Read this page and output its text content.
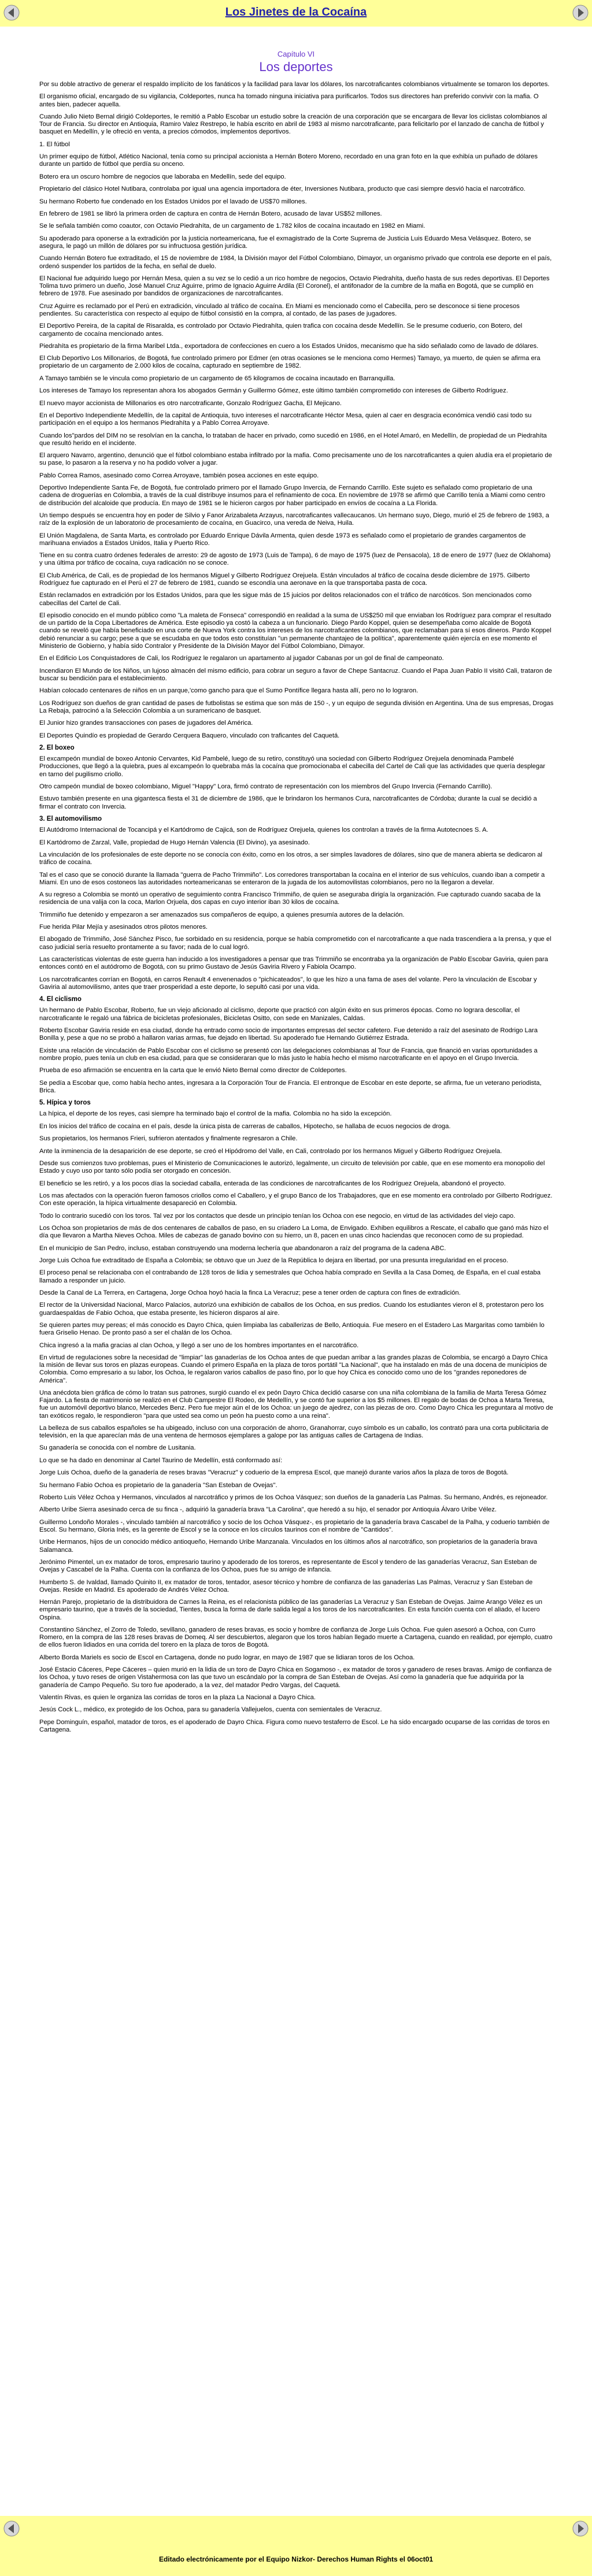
Los Jinetes de la Cocaína
Capítulo VI
Los deportes

Por su doble atractivo de generar el respaldo implícito de los fanáticos y la facilidad para lavar los dólares, los narcotraficantes colombianos virtualmente se tomaron los deportes.

El organismo oficial, encargado de su vigilancia, Coldeportes, nunca ha tomado ninguna iniciativa para purificarlos. Todos sus directores han preferido convivir con la mafia. O antes bien, padecer aquella.

Cuando Julio Nieto Bernal dirigió Coldeportes, le remitió a Pablo Escobar un estudio sobre la creación de una corporación que se encargara de llevar los ciclistas colombianos al Tour de Francia. Su director en Antioquia, Ramiro Valez Restrepo, le había escrito en abril de 1983 al mismo narcotraficante, para felicitarlo por el lanzado de cancha de fútbol y basquet en Medellín, y le ofreció en venta, a precios cómodos, implementos deportivos.

1. El fútbol

Un primer equipo de fútbol, Atlético Nacional, tenía como su principal accionista a Hernán Botero Moreno, recordado en una gran foto en la que exhibía un puñado de dólares durante un partido de fútbol que perdía su onceno.

Botero era un oscuro hombre de negocios que laboraba en Medellín, sede del equipo.

Propietario del clásico Hotel Nutibara, controlaba por igual una agencia importadora de éter, Inversiones Nutibara, producto que casi siempre desvió hacia el narcotráfico.

Su hermano Roberto fue condenado en los Estados Unidos por el lavado de US$70 millones.

En febrero de 1981 se libró la primera orden de captura en contra de Hernán Botero, acusado de lavar US$52 millones.

Se le señala también como coautor, con Octavio Piedrahíta, de un cargamento de 1.782 kilos de cocaína incautado en 1982 en Miami.

Su apoderado para oponerse a la extradición por la justicia norteamericana, fue el exmagistrado de la Corte Suprema de Justicia Luis Eduardo Mesa Velásquez. Botero, se asegura, le pagó un millón de dólares por su infructuosa gestión jurídica.

Cuando Hernán Botero fue extraditado, el 15 de noviembre de 1984, la División mayor del Fútbol Colombiano, Dimayor, un organismo privado que controla ese deporte en el país, ordenó suspender los partidos de la fecha, en señal de duelo.

El Nacional fue adquirido luego por Hernán Mesa, quien a su vez se lo cedió a un rico hombre de negocios, Octavio Piedrahíta, dueño hasta de sus redes deportivas. El Deportes Tolima tuvo primero un dueño, José Manuel Cruz Aguirre, primo de Ignacio Aguirre Ardila (El Coronel), el antifonador de la cumbre de la mafia en Bogotá, que se cumplió en febrero de 1978. Fue asesinado por bandidos de organizaciones de narcotraficantes.

Cruz Aguirre es reclamado por el Perú en extradición, vinculado al tráfico de cocaína. En Miami es mencionado como el Cabecilla, pero se desconoce si tiene procesos pendientes. Su característica con respecto al equipo de fútbol consistió en la compra, al contado, de las pases de jugadores.

El Deportivo Pereira, de la capital de Risaralda, es controlado por Octavio Piedrahíta, quien trafica con cocaína desde Medellín. Se le presume coduerio, con Botero, del cargamento de cocaína mencionado antes.

Piedrahíta es propietario de la firma Maribel Ltda., exportadora de confecciones en cuero a los Estados Unidos, mecanismo que ha sido señalado como de lavado de dólares.

El Club Deportivo Los Millonarios, de Bogotá, fue controlado primero por Edmer (en otras ocasiones se le menciona como Hermes) Tamayo, ya muerto, de quien se afirma era propietario de un cargamento de 2.000 kilos de cocaína, capturado en septiembre de 1982.

A Tamayo también se le vincula como propietario de un cargamento de 65 kilogramos de cocaína incautado en Barranquilla.

Los intereses de Tamayo los representan ahora los abogados Germán y Guillermo Gómez, este último también comprometido con intereses de Gilberto Rodríguez.

El nuevo mayor accionista de Millonarios es otro narcotraficante, Gonzalo Rodríguez Gacha, El Mejicano.

En el Deportivo Independiente Medellín, de la capital de Antioquia, tuvo intereses el narcotraficante Héctor Mesa, quien al caer en desgracia económica vendió casi todo su participación en el equipo a los hermanos Piedrahíta y a Pablo Correa Arroyave.

Cuando los"pardos del DIM no se resolvían en la cancha, lo trataban de hacer en privado, como sucedió en 1986, en el Hotel Amaró, en Medellín, de propiedad de un Piedrahíta que resultó herido en el incidente.

El arquero Navarro, argentino, denunció que el fútbol colombiano estaba infiltrado por la mafia. Como precisamente uno de los narcotraficantes a quien aludía era el propietario de su pase, lo pasaron a la reserva y no ha podido volver a jugar.

Pablo Correa Ramos, asesinado como Correa Arroyave, también posea acciones en este equipo.

Deportivo Independiente Santa Fe, de Bogotá, fue controlado primero por el llamado Grupo Invercia, de Fernando Carrillo. Este sujeto es señalado como propietario de una cadena de droguerías en Colombia, a través de la cual distribuye insumos para el refinamiento de coca. En noviembre de 1978 se afirmó que Carrillo tenía a Miami como centro de distribución del alcaloide que producía. En mayo de 1981 se le hicieron cargos por haber participado en envíos de cocaína a La Florida.

Un tiempo después se encuentra hoy en poder de Silvio y Fanor Arizabaleta Arzayus, narcotraficantes vallecaucanos. Un hermano suyo, Diego, murió el 25 de febrero de 1983, a raíz de la explosión de un laboratorio de procesamiento de cocaína, en Guacirco, una vereda de Neiva, Huila.

El Unión Magdalena, de Santa Marta, es controlado por Eduardo Enrique Dávila Armenta, quien desde 1973 es señalado como el propietario de grandes cargamentos de marihuana enviados a Estados Unidos, Italia y Puerto Rico.

Tiene en su contra cuatro órdenes federales de arresto: 29 de agosto de 1973 (Luis de Tampa), 6 de mayo de 1975 (luez de Pensacola), 18 de enero de 1977 (luez de Oklahoma) y una última por tráfico de cocaína, cuya radicación no se conoce.

El Club América, de Cali, es de propiedad de los hermanos Miguel y Gilberto Rodríguez Orejuela. Están vinculados al tráfico de cocaína desde diciembre de 1975. Gilberto Rodríguez fue capturado en el Perú el 27 de febrero de 1981, cuando se escondía una aeronave en la que transportaba pasta de coca.

Están reclamados en extradición por los Estados Unidos, para que les sigue más de 15 juicios por delitos relacionados con el tráfico de narcóticos. Son mencionados como cabecillas del Cartel de Cali.

El episodio conocido en el mundo público como "La maleta de Fonseca" correspondió en realidad a la suma de US$250 mil que enviaban los Rodríguez para comprar el resultado de un partido de la Copa Libertadores de América. Este episodio ya costó la cabeza a un funcionario. Diego Pardo Koppel, quien se desempeñaba como alcalde de Bogotá cuando se reveló que había beneficiado en una corte de Nueva York contra los intereses de los narcotraficantes colombianos, que reclamaban para sí esos dineros. Pardo Koppel debió renunciar a su cargo; pese a que se escudaba en que todos esto constituían "un permanente chantajeo de la política", aparentemente quién ejercía en ese momento el Ministerio de Gobierno, y había sido Contralor y Presidente de la División Mayor del Fútbol Colombiano, Dimayor.

En el Edificio Los Conquistadores de Cali, los Rodríguez le regalaron un apartamento al jugador Cabanas por un gol de final de campeonato.

Incendiaron El Mundo de los Niños, un lujoso almacén del mismo edificio, para cobrar un seguro a favor de Chepe Santacruz. Cuando el Papa Juan Pablo II visitó Cali, trataron de buscar su bendición para el establecimiento.

Habían colocado centenares de niños en un parque,'como gancho para que el Sumo Pontífice llegara hasta allí, pero no lo lograron.

Los Rodríguez son dueños de gran cantidad de pases de futbolistas se estima que son más de 150 -, y un equipo de segunda división en Argentina. Una de sus empresas, Drogas La Rebaja, patrocinó a la Selección Colombia a un suramericano de basquet.

El Junior hizo grandes transacciones con pases de jugadores del América.

El Deportes Quindío es propiedad de Gerardo Cerquera Baquero, vinculado con traficantes del Caquetá.

2. El boxeo

El excampeón mundial de boxeo Antonio Cervantes, Kid Pambelé, luego de su retiro, constituyó una sociedad con Gilberto Rodríguez Orejuela denominada Pambelé Producciones, que llegó a la quiebra, pues al excampeón lo quebraba más la cocaína que promocionaba el cabecilla del Cartel de Cali que las actividades que quería desplegar en tarno del pugilismo criollo.

Otro campeón mundial de boxeo colombiano, Miguel "Happy" Lora, firmó contrato de representación con los miembros del Grupo Invercia (Fernando Carrillo).

Estuvo también presente en una gigantesca fiesta el 31 de diciembre de 1986, que le brindaron los hermanos Cura, narcotraficantes de Córdoba; durante la cual se decidió a firmar el contrato con Invercia.

3. El automovilismo

El Autódromo Internacional de Tocancipá y el Kartódromo de Cajicá, son de Rodríguez Orejuela, quienes los controlan a través de la firma Autotecnoes S. A.

El Kartódromo de Zarzal, Valle, propiedad de Hugo Hernán Valencia (El Divino), ya asesinado.

La vinculación de los profesionales de este deporte no se conocía con éxito, como en los otros, a ser simples lavadores de dólares, sino que de manera abierta se dedicaron al tráfico de cocaína.

Tal es el caso que se conoció durante la llamada "guerra de Pacho Trimmiño". Los corredores transportaban la cocaína en el interior de sus vehículos, cuando iban a competir a Miami. En uno de esos costoneos las autoridades norteamericanas se enteraron de la jugada de los automovilistas colombianos, pero no la llegaron a develar.

A su regreso a Colombia se montó un operativo de seguimiento contra Francisco Trimmiño, de quien se aseguraba dirigía la organización. Fue capturado cuando sacaba de la residencia de una valija con la coca, Marlon Orjuela, dos capas en cuyo interior iban 30 kilos de cocaína.

Trimmiño fue detenido y empezaron a ser amenazados sus compañeros de equipo, a quienes presumía autores de la delación.

Fue herida Pilar Mejía y asesinados otros pilotos menores.

El abogado de Trimmiño, José Sánchez Pisco, fue sorbidado en su residencia, porque se había comprometido con el narcotraficante a que nada trascendiera a la prensa, y que el caso judicial sería resuelto prontamente a su favor; nada de lo cual logró.

Las características violentas de este guerra han inducido a los investigadores a pensar que tras Trimmiño se encontraba ya la organización de Pablo Escobar Gaviria, quien para entonces contó en el autódromo de Bogotá, con su primo Gustavo de Jesús Gaviria Rivero y Fabiola Ocampo.

Los narcotraficantes corrían en Bogotá, en carros Renault 4 envenenados o "pichicateados", lo que les hizo a una fama de ases del volante. Pero la vinculación de Escobar y Gaviria al automovilismo, antes que traer prosperidad a este deporte, lo sepultó casi por una vida.

4. El ciclismo

Un hermano de Pablo Escobar, Roberto, fue un viejo aficionado al ciclismo, deporte que practicó con algún éxito en sus primeros épocas. Como no lograra descollar, el narcotraficante le regaló una fábrica de bicicletas profesionales, Bicicletas Ositto, con sede en Manizales, Caldas.

Roberto Escobar Gaviria reside en esa ciudad, donde ha entrado como socio de importantes empresas del sector cafetero. Fue detenido a raíz del asesinato de Rodrigo Lara Bonilla y, pese a que no se probó a hallaron varias armas, fue dejado en libertad. Su apoderado fue Hernando Gutiérrez Estrada.

Existe una relación de vinculación de Pablo Escobar con el ciclismo se presentó con las delegaciones colombianas al Tour de Francia, que financió en varias oportunidades a nombre propio, pues tenía un club en esa ciudad, para que se consideraran que lo más justo le había hecho el mismo narcotraficante en el apoyo en el Grupo Invercia.

Prueba de eso afirmación se encuentra en la carta que le envió Nieto Bernal como director de Coldeportes.

Se pedía a Escobar que, como había hecho antes, ingresara a la Corporación Tour de Francia. El entronque de Escobar en este deporte, se afirma, fue un veterano periodista, Brica.

5. Hípica y toros

La hípica, el deporte de los reyes, casi siempre ha terminado bajo el control de la mafia. Colombia no ha sido la excepción.

En los inicios del tráfico de cocaína en el país, desde la única pista de carreras de caballos, Hipotecho, se hallaba de ecuos negocios de droga.

Sus propietarios, los hermanos Frieri, sufrieron atentados y finalmente regresaron a Chile.

Ante la inminencia de la desaparición de ese deporte, se creó el Hipódromo del Valle, en Cali, controlado por los hermanos Miguel y Gilberto Rodríguez Orejuela.

Desde sus comienzos tuvo problemas, pues el Ministerio de Comunicaciones le autorizó, legalmente, un circuito de televisión por cable, que en ese momento era monopolio del Estado y cuyo uso por tanto sólo podía ser otorgado en concesión.

El beneficio se les retiró, y a los pocos días la sociedad caballa, enterada de las condiciones de narcotraficantes de los Rodríguez Orejuela, abandonó el proyecto.

Los mas afectados con la operación fueron famosos criollos como el Caballero, y el grupo Banco de los Trabajadores, que en ese momento era controlado por Gilberto Rodríguez. Con este operación, la hípica virtualmente desapareció en Colombia.

Todo lo contrario sucedió con los toros. Tal vez por los contactos que desde un principio tenían los Ochoa con ese negocio, en virtud de las actividades del viejo capo.

Los Ochoa son propietarios de más de dos centenares de caballos de paso, en su criadero La Loma, de Envigado. Exhiben equilibros a Rescate, el caballo que ganó más hizo el día que llevaron a Martha Nieves Ochoa. Miles de cabezas de ganado bovino con su hierro, un 8, pacen en unas cinco haciendas que reconocen como de su propiedad.

En el municipio de San Pedro, incluso, estaban construyendo una moderna lechería que abandonaron a raíz del programa de la cadena ABC.

Jorge Luis Ochoa fue extraditado de España a Colombia; se obtuvo que un Juez de la República lo dejara en libertad, por una presunta irregularidad en el proceso.

El proceso penal se relacionaba con el contrabando de 128 toros de lidia y semestrales que Ochoa había comprado en Sevilla a la Casa Domeq, de España, en el cual estaba llamado a responder un juicio.

Desde la Canal de La Terrera, en Cartagena, Jorge Ochoa hoyó hacia la finca La Veracruz; pese a tener orden de captura con fines de extradición.

El rector de la Universidad Nacional, Marco Palacios, autorizó una exhibición de caballos de los Ochoa, en sus predios. Cuando los estudiantes vieron el 8, protestaron pero los guardaespaldas de Fabio Ochoa, que estaba presente, les hicieron disparos al aire.

Se quieren partes muy pereas; el más conocido es Dayro Chica, quien limpiaba las caballerizas de Bello, Antioquia. Fue mesero en el Estadero Las Margaritas como también lo fuera Griselio Henao. De pronto pasó a ser el chalán de los Ochoa.

Chica ingresó a la mafia gracias al clan Ochoa, y llegó a ser uno de los hombres importantes en el narcotráfico.

En virtud de regulaciones sobre la necesidad de "limpiar" las ganaderías de los Ochoa antes de que puedan arribar a las grandes plazas de Colombia, se encargó a Dayro Chica la misión de llevar sus toros en plazas europeas. Cuando el primero España en la plaza de toros portátil "La Nacional", que ha instalado en más de una docena de municipios de Colombia. Como empresario a su labor, los Ochoa, le regalaron varios caballos de paso fino, por lo que hoy Chica es conocido como uno de los "grandes reponedores de América".

Una anécdota bien gráfica de cómo lo tratan sus patrones, surgió cuando el ex peón Dayro Chica decidió casarse con una niña colombiana de la familia de Marta Teresa Gómez Fajardo. La fiesta de matrimonio se realizó en el Club Campestre El Rodeo, de Medellín, y se contó fue superior a los $5 millones. El regalo de bodas de Ochoa a Marta Teresa, fue un automóvil deportivo blanco, Mercedes Benz. Pero fue mejor aún el de los Ochoa: un juego de ajedrez, con las piezas de oro. Como Dayro Chica les preguntara al motivo de tan exóticos regalo, le respondieron "para que usted sea como un peón ha puesto como a una reina".

La belleza de sus caballos españoles se ha ubigeado, incluso con una corporación de ahorro, Granahorrar, cuyo símbolo es un caballo, los contrató para una corta publicitaria de televisión, en la que aparecían más de una ventena de hermosos ejemplares a galope por las antiguas calles de Cartagena de Indias.

Su ganadería se conocida con el nombre de Lusitania.

Lo que se ha dado en denominar al Cartel Taurino de Medellín, está conformado así:

Jorge Luis Ochoa, dueño de la ganadería de reses bravas "Veracruz" y coduerio de la empresa Escol, que manejó durante varios años la plaza de toros de Bogotá.

Su hermano Fabio Ochoa es propietario de la ganadería "San Esteban de Ovejas".

Roberto Luis Vélez Ochoa y Hermanos, vinculados al narcotráfico y primos de los Ochoa Vásquez; son dueños de la ganadería Las Palmas. Su hermano, Andrés, es rejoneador.

Alberto Uribe Sierra asesinado cerca de su finca -, adquirió la ganadería brava "La Carolina", que heredó a su hijo, el senador por Antioquia Álvaro Uribe Vélez.

Guillermo Londoño Morales -, vinculado también al narcotráfico y socio de los Ochoa Vásquez-, es propietario de la ganadería brava Cascabel de la Palha, y coduerio también de Escol. Su hermano, Gloria Inés, es la gerente de Escol y se la conoce en los círculos taurinos con el nombre de "Cantidos".

Uribe Hermanos, hijos de un conocido médico antioqueño, Hernando Uribe Manzanala. Vinculados en los últimos años al narcotráfico, son propietarios de la ganadería brava Salamanca.

Jerónimo Pimentel, un ex matador de toros, empresario taurino y apoderado de los toreros, es representante de Escol y tendero de las ganaderías Veracruz, San Esteban de Ovejas y Cascabel de la Palha. Cuenta con la confianza de los Ochoa, pues fue su amigo de infancia.

Humberto S. de Ivaldad, llamado Quinito II, ex matador de toros, tentador, asesor técnico y hombre de confianza de las ganaderías Las Palmas, Veracruz y San Esteban de Ovejas. Reside en Madrid. Es apoderado de Andrés Vélez Ochoa.

Hernán Parejo, propietario de la distribuidora de Carnes la Reina, es el relacionista público de las ganaderías La Veracruz y San Esteban de Ovejas. Jaime Arango Vélez es un empresario taurino, que a través de la sociedad, Tientes, busca la forma de darle salida legal a los toros de los narcotraficantes. En esta función cuenta con el aliado, el lucero Ospina.

Constantino Sánchez, el Zorro de Toledo, sevillano, ganadero de reses bravas, es socio y hombre de confianza de Jorge Luis Ochoa. Fue quien asesoró a Ochoa, con Curro Romero, en la compra de las 128 reses bravas de Domeq. Al ser descubiertos, alegaron que los toros habían llegado muerte a Cartagena, cuando en realidad, por ejemplo, cuatro de ellos fueron lidiados en una corrida del torero en la plaza de toros de Bogotá.

Alberto Borda Mariels es socio de Escol en Cartagena, donde no pudo lograr, en mayo de 1987 que se lidiaran toros de los Ochoa.

José Estacio Cáceres, Pepe Cáceres – quien murió en la lidia de un toro de Dayro Chica en Sogamoso -, ex matador de toros y ganadero de reses bravas. Amigo de confianza de los Ochoa, y tuvo reses de origen Vistahermosa con las que tuvo un escándalo por la compra de San Esteban de Ovejas. Así como la ganadería que fue adquirida por la ganadería de Campo Pequeño. Su toro fue apoderado, a la vez, del matador Pedro Vargas, del Caquetá.

Valentín Rivas, es quien le organiza las corridas de toros en la plaza La Nacional a Dayro Chica.

Jesús Cock L., médico, ex protegido de los Ochoa, para su ganadería Vallejuelos, cuenta con semientales de Veracruz.

Pepe Dominguín, español, matador de toros, es el apoderado de Dayro Chica. Figura como nuevo testaferro de Escol. Le ha sido encargado ocuparse de las corridas de toros en Cartagena.

Editado electrónicamente por el Equipo Nizkor- Derechos Human Rights el 06oct01
